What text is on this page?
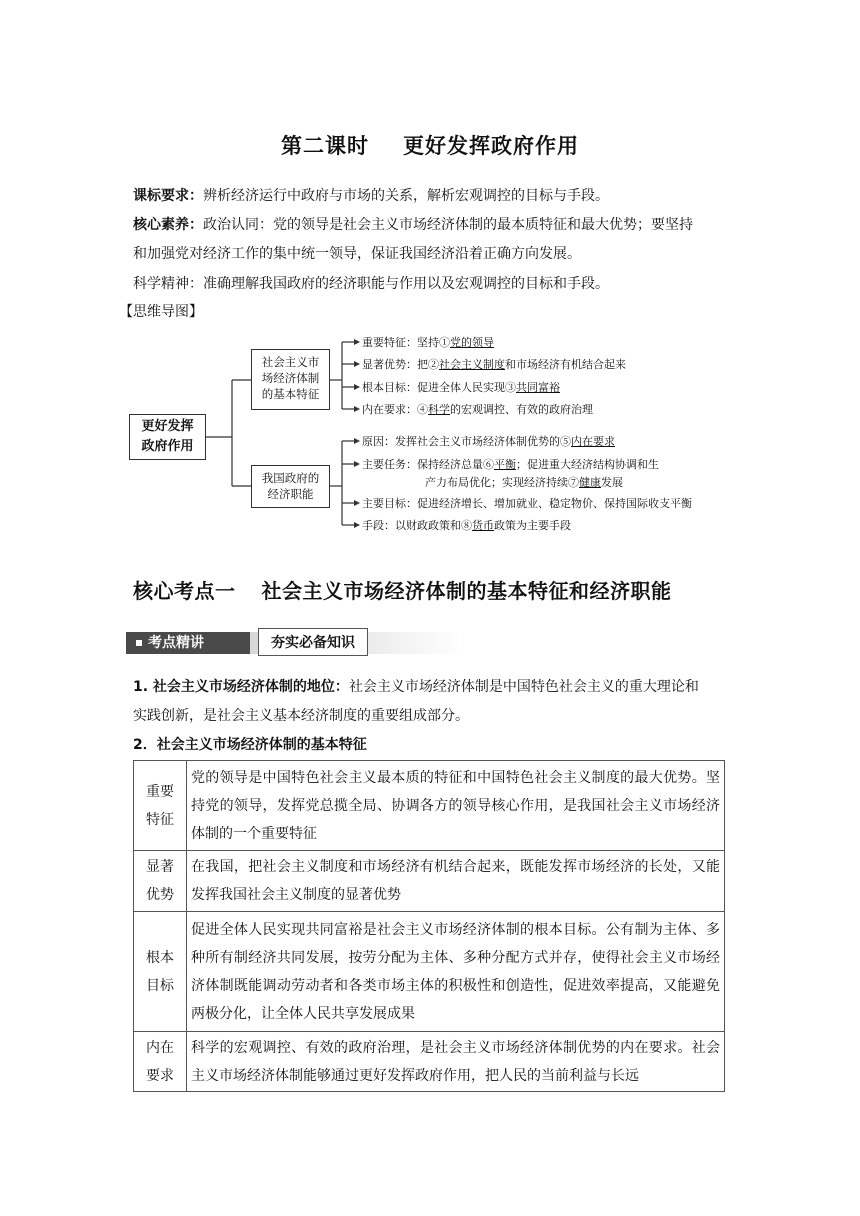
第二课时 更好发挥政府作用
课标要求：辨析经济运行中政府与市场的关系，解析宏观调控的目标与手段。
核心素养：政治认同：党的领导是社会主义市场经济体制的最本质特征和最大优势；要坚持
和加强党对经济工作的集中统一领导，保证我国经济沿着正确方向发展。
科学精神：准确理解我国政府的经济职能与作用以及宏观调控的目标和手段。
【思维导图】
更好发挥
政府作用
社会主义市
场经济体制
的基本特征
我国政府的
经济职能
重要特征：坚持①党的领导
显著优势：把②社会主义制度和市场经济有机结合起来
根本目标：促进全体人民实现③共同富裕
内在要求：④科学的宏观调控、有效的政府治理
原因：发挥社会主义市场经济体制优势的⑤内在要求
主要任务：保持经济总量⑥平衡；促进重大经济结构协调和生
产力布局优化；实现经济持续⑦健康发展
主要目标：促进经济增长、增加就业、稳定物价、保持国际收支平衡
手段：以财政政策和⑧货币政策为主要手段
核心考点一 社会主义市场经济体制的基本特征和经济职能
考点精讲	夯实必备知识
1. 社会主义市场经济体制的地位：社会主义市场经济体制是中国特色社会主义的重大理论和
实践创新，是社会主义基本经济制度的重要组成部分。
2．社会主义市场经济体制的基本特征
重要
特征	党的领导是中国特色社会主义最本质的特征和中国特色社会主义制度的最大优势。坚持党的领导，发挥党总揽全局、协调各方的领导核心作用，是我国社会主义市场经济体制的一个重要特征

显著
优势	在我国，把社会主义制度和市场经济有机结合起来，既能发挥市场经济的长处，又能发挥我国社会主义制度的显著优势

根本
目标	促进全体人民实现共同富裕是社会主义市场经济体制的根本目标。公有制为主体、多种所有制经济共同发展，按劳分配为主体、多种分配方式并存，使得社会主义市场经济体制既能调动劳动者和各类市场主体的积极性和创造性，促进效率提高，又能避免两极分化，让全体人民共享发展成果

内在
要求	科学的宏观调控、有效的政府治理，是社会主义市场经济体制优势的内在要求。社会主义市场经济体制能够通过更好发挥政府作用，把人民的当前利益与长远
